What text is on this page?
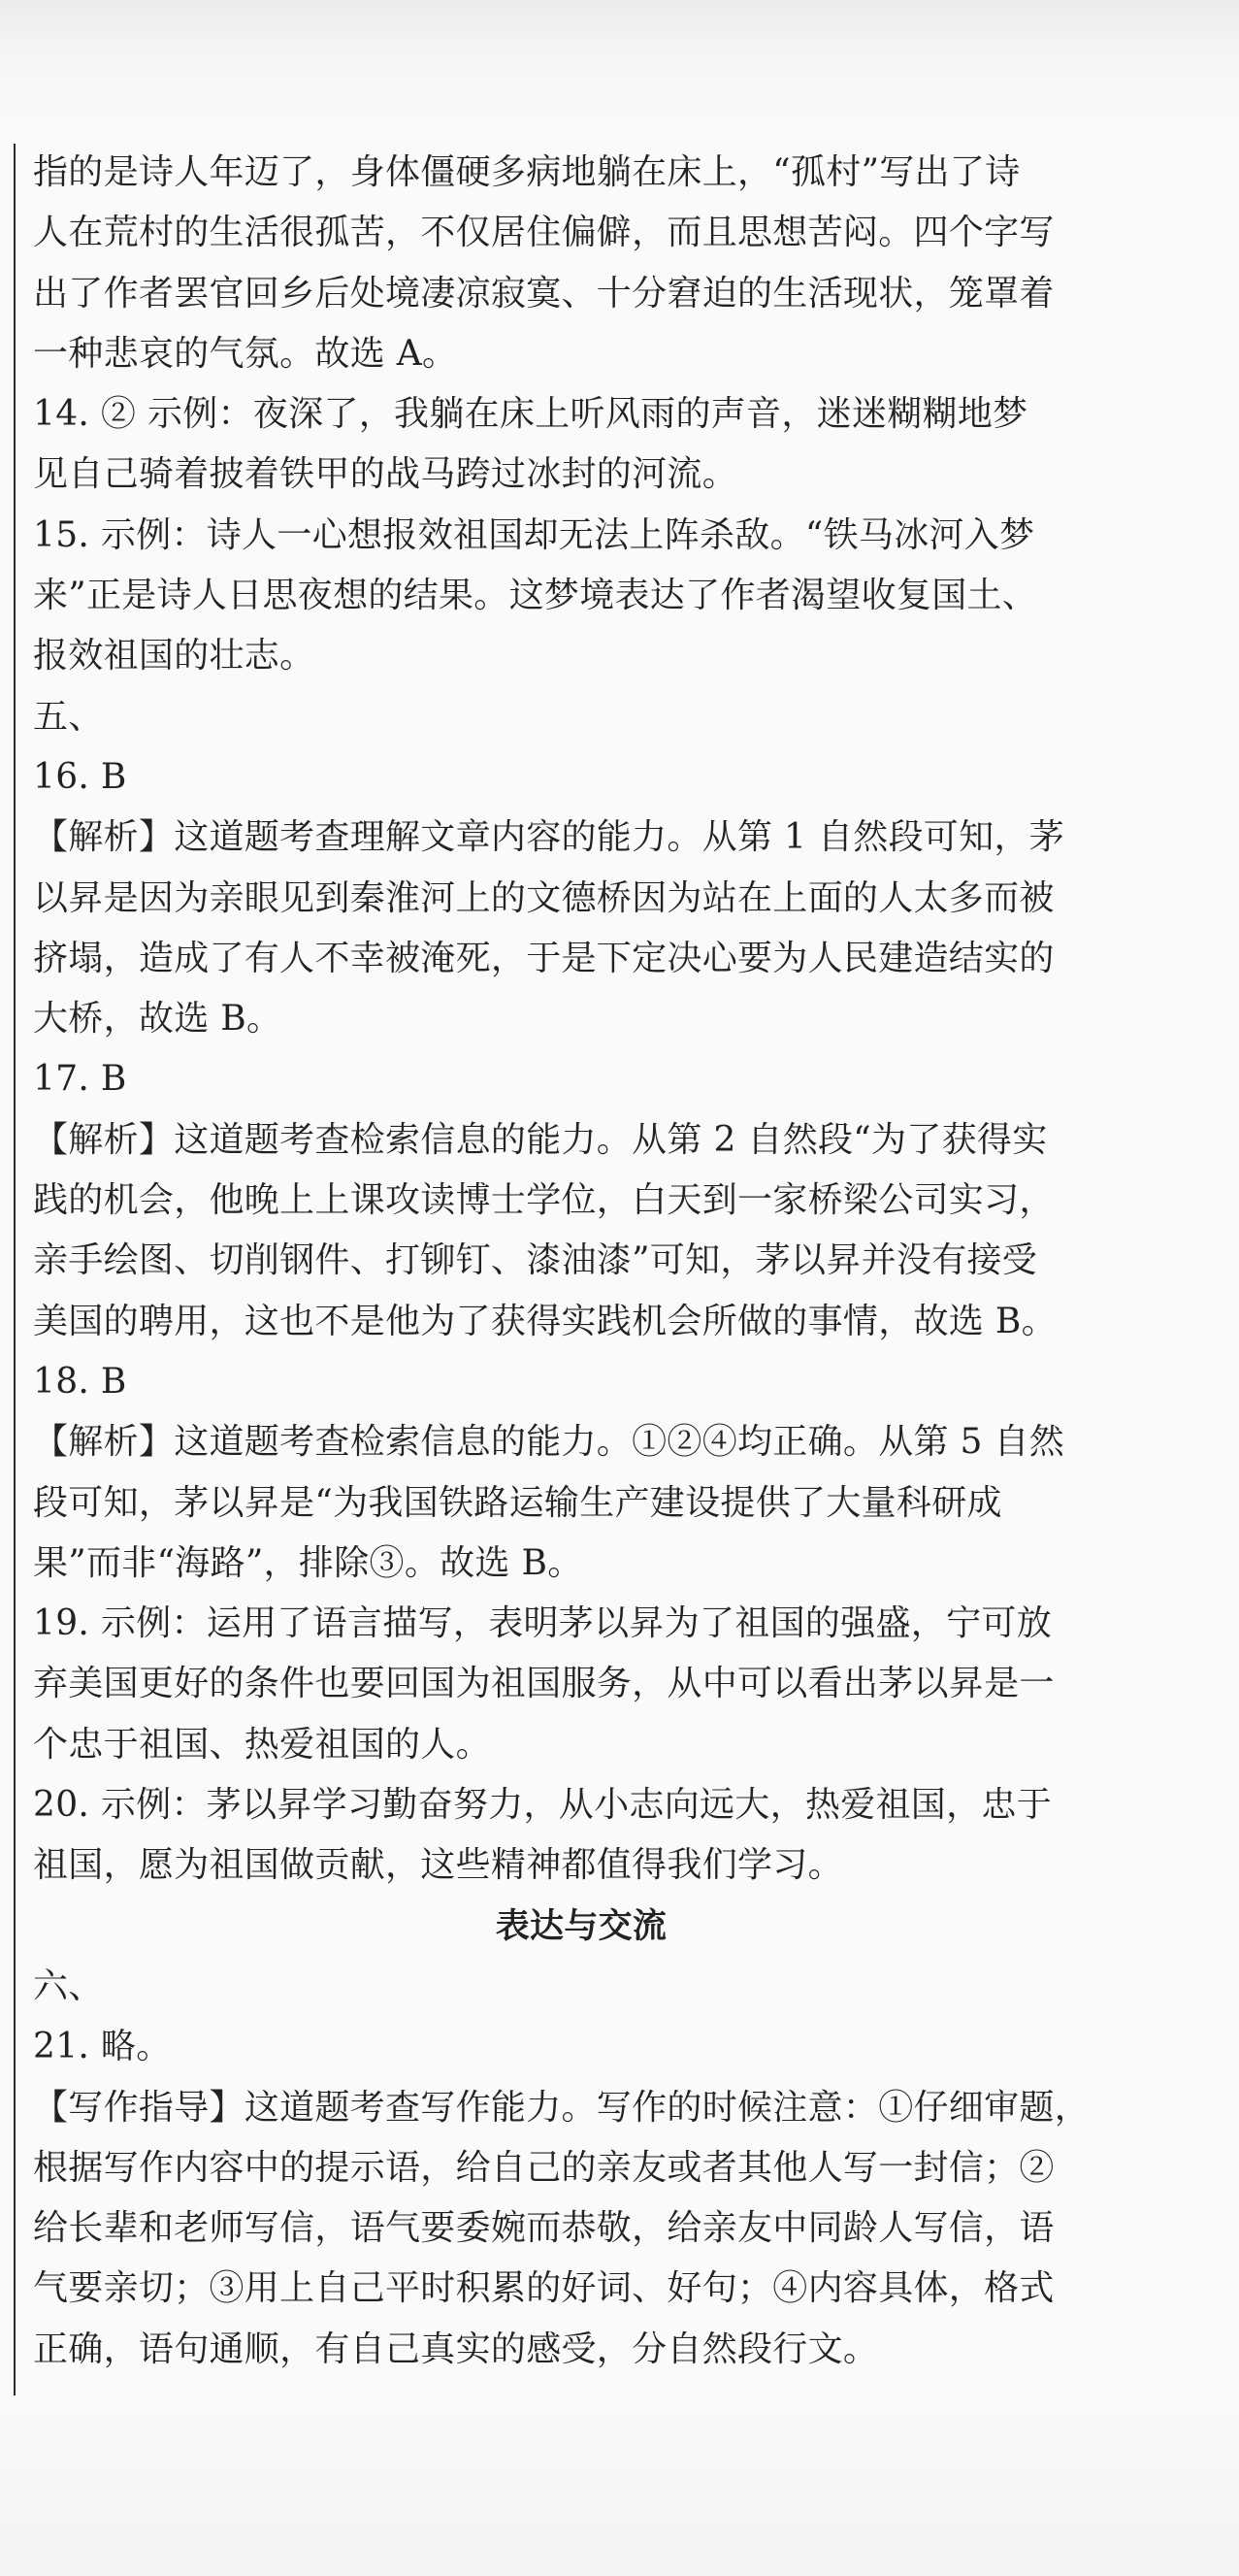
指的是诗人年迈了，身体僵硬多病地躺在床上，“孤村”写出了诗
人在荒村的生活很孤苦，不仅居住偏僻，而且思想苦闷。四个字写
出了作者罢官回乡后处境凄凉寂寞、十分窘迫的生活现状，笼罩着
一种悲哀的气氛。故选 A。
14. ② 示例：夜深了，我躺在床上听风雨的声音，迷迷糊糊地梦
见自己骑着披着铁甲的战马跨过冰封的河流。
15. 示例：诗人一心想报效祖国却无法上阵杀敌。“铁马冰河入梦
来”正是诗人日思夜想的结果。这梦境表达了作者渴望收复国土、
报效祖国的壮志。
五、
16. B
【解析】这道题考查理解文章内容的能力。从第 1 自然段可知，茅
以昇是因为亲眼见到秦淮河上的文德桥因为站在上面的人太多而被
挤塌，造成了有人不幸被淹死，于是下定决心要为人民建造结实的
大桥，故选 B。
17. B
【解析】这道题考查检索信息的能力。从第 2 自然段“为了获得实
践的机会，他晚上上课攻读博士学位，白天到一家桥梁公司实习，
亲手绘图、切削钢件、打铆钉、漆油漆”可知，茅以昇并没有接受
美国的聘用，这也不是他为了获得实践机会所做的事情，故选 B。
18. B
【解析】这道题考查检索信息的能力。①②④均正确。从第 5 自然
段可知，茅以昇是“为我国铁路运输生产建设提供了大量科研成
果”而非“海路”，排除③。故选 B。
19. 示例：运用了语言描写，表明茅以昇为了祖国的强盛，宁可放
弃美国更好的条件也要回国为祖国服务，从中可以看出茅以昇是一
个忠于祖国、热爱祖国的人。
20. 示例：茅以昇学习勤奋努力，从小志向远大，热爱祖国，忠于
祖国，愿为祖国做贡献，这些精神都值得我们学习。
表达与交流
六、
21. 略。
【写作指导】这道题考查写作能力。写作的时候注意：①仔细审题，
根据写作内容中的提示语，给自己的亲友或者其他人写一封信；②
给长辈和老师写信，语气要委婉而恭敬，给亲友中同龄人写信，语
气要亲切；③用上自己平时积累的好词、好句；④内容具体，格式
正确，语句通顺，有自己真实的感受，分自然段行文。
